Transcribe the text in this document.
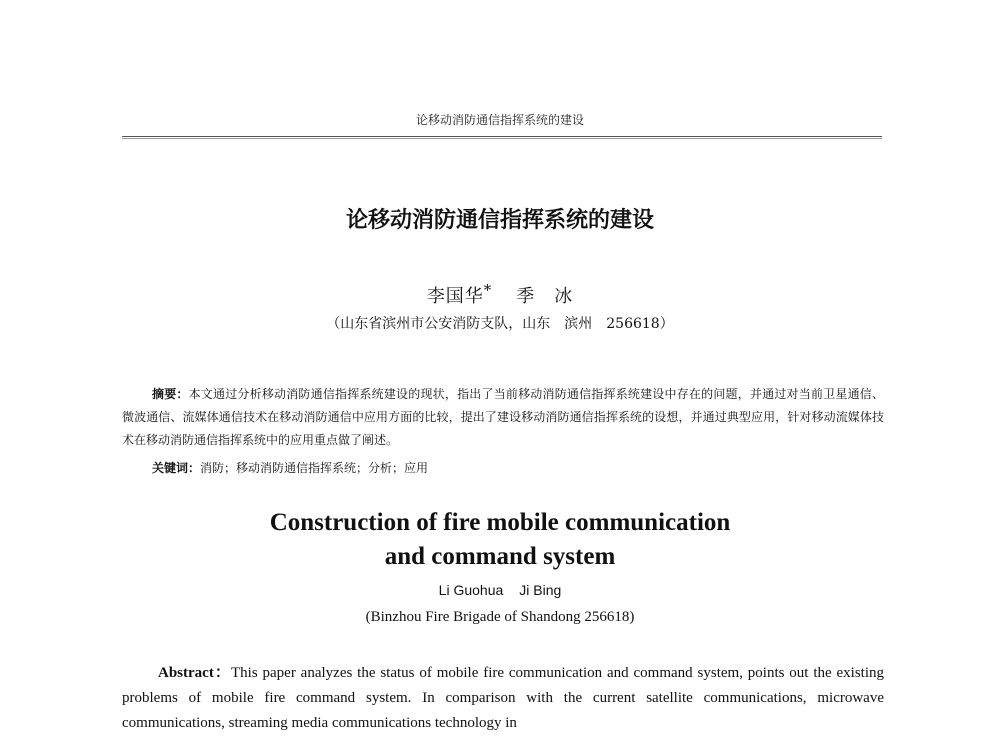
论移动消防通信指挥系统的建设
论移动消防通信指挥系统的建设
李国华* 季　冰
（山东省滨州市公安消防支队，山东　滨州　256618）
摘要：本文通过分析移动消防通信指挥系统建设的现状，指出了当前移动消防通信指挥系统建设中存在的问题，并通过对当前卫星通信、微波通信、流媒体通信技术在移动消防通信中应用方面的比较，提出了建设移动消防通信指挥系统的设想，并通过典型应用，针对移动流媒体技术在移动消防通信指挥系统中的应用重点做了阐述。
关键词：消防；移动消防通信指挥系统；分析；应用
Construction of fire mobile communication
and command system
Li Guohua Ji Bing
(Binzhou Fire Brigade of Shandong 256618)
Abstract：This paper analyzes the status of mobile fire communication and command system, points out the existing problems of mobile fire command system. In comparison with the current satellite communications, microwave communications, streaming media communications technology in
